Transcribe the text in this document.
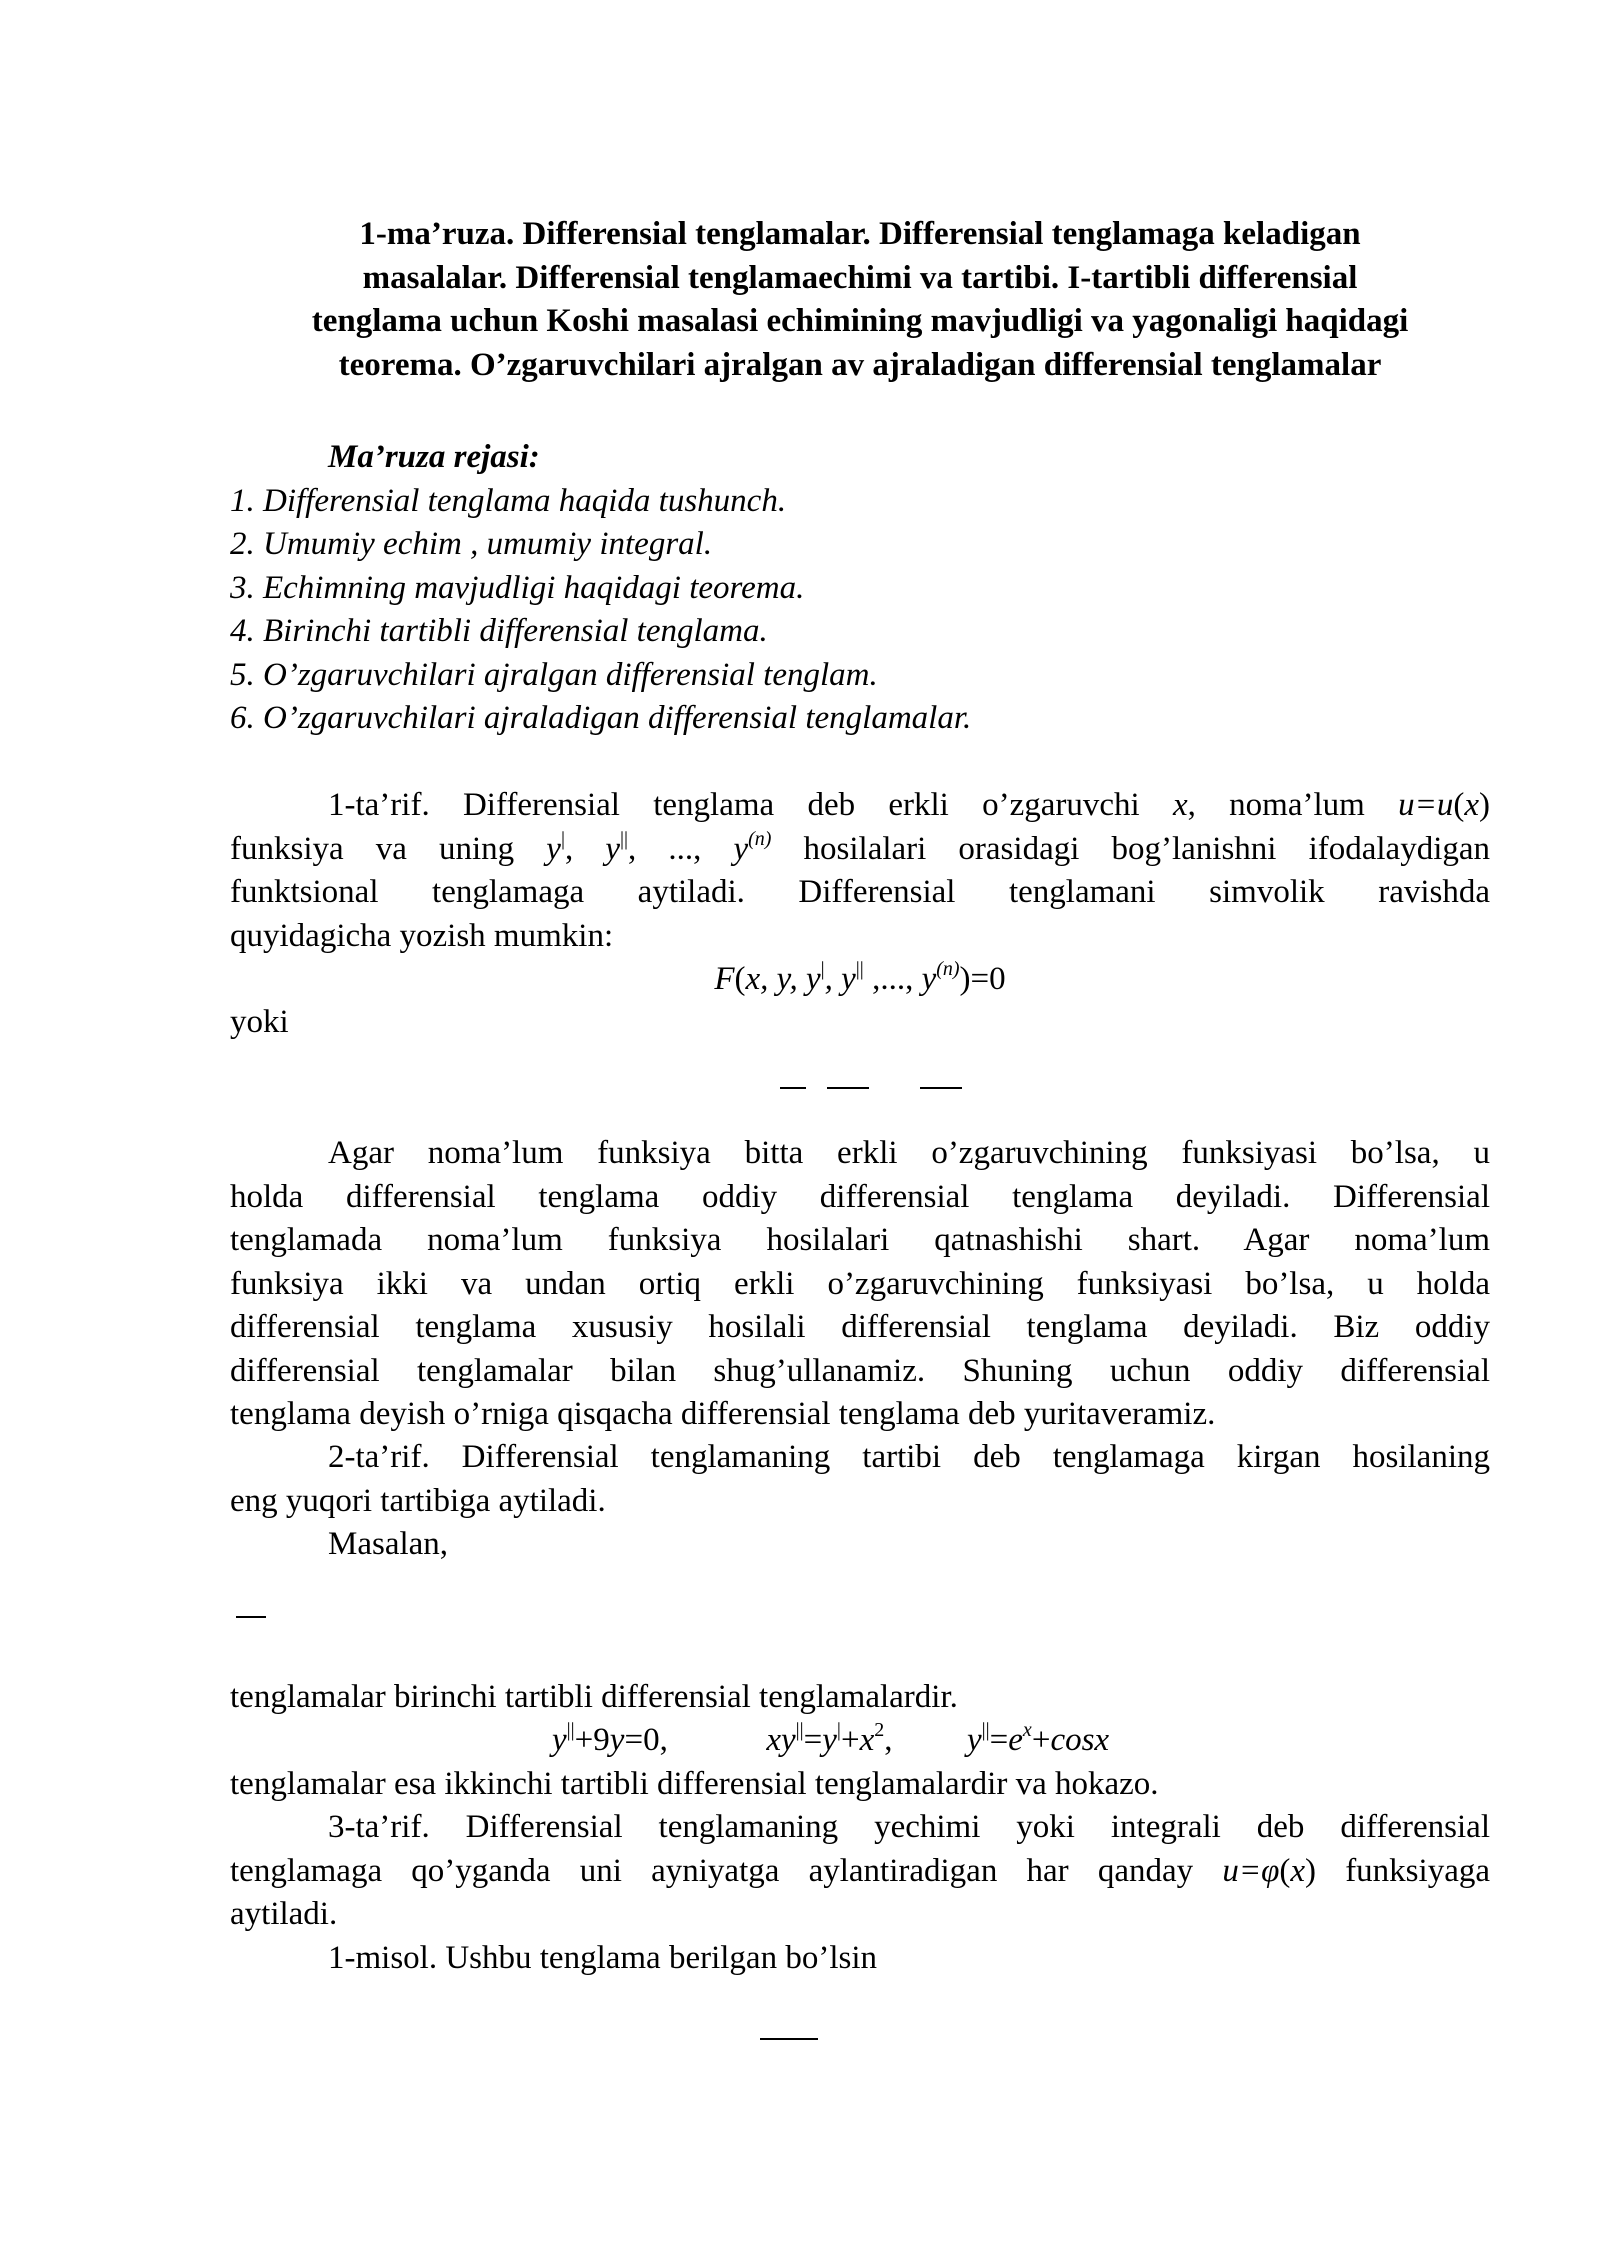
1-ma’ruza. Differensial tenglamalar. Differensial tenglamaga keladigan
masalalar. Differensial tenglamaechimi va tartibi. I-tartibli differensial
tenglama uchun Koshi masalasi echimining mavjudligi va yagonaligi haqidagi
teorema. O’zgaruvchilari ajralgan av ajraladigan differensial tenglamalar
Ma’ruza rejasi:
1. Differensial tenglama haqida tushunch.
2. Umumiy echim , umumiy integral.
3. Echimning mavjudligi haqidagi teorema.
4. Birinchi tartibli differensial tenglama.
5. O’zgaruvchilari ajralgan differensial tenglam.
6. O’zgaruvchilari ajraladigan differensial tenglamalar.
1-ta’rif. Differensial tenglama deb erkli o’zgaruvchi x, noma’lum u=u(x)
funksiya va uning y|, y||, ..., $y^{(n)}$ hosilalari orasidagi bog’lanishni ifodalaydigan
funktsional tenglamaga aytiladi. Differensial tenglamani simvolik ravishda
quyidagicha yozish mumkin:
F(x, y, y|, y|| ,..., $y^{(n)})=0$
yoki
Agar noma’lum funksiya bitta erkli o’zgaruvchining funksiyasi bo’lsa, u
holda differensial tenglama oddiy differensial tenglama deyiladi. Differensial
tenglamada noma’lum funksiya hosilalari qatnashishi shart. Agar noma’lum
funksiya ikki va undan ortiq erkli o’zgaruvchining funksiyasi bo’lsa, u holda
differensial tenglama xususiy hosilali differensial tenglama deyiladi. Biz oddiy
differensial tenglamalar bilan shug’ullanamiz. Shuning uchun oddiy differensial
tenglama deyish o’rniga qisqacha differensial tenglama deb yuritaveramiz.
2-ta’rif. Differensial tenglamaning tartibi deb tenglamaga kirgan hosilaning
eng yuqori tartibiga aytiladi.
Masalan,
tenglamalar birinchi tartibli differensial tenglamalardir.
y||+9y=0,	$xy^{||}=y^|+x^2$, $y^{||}=e^x+\cos x$
tenglamalar esa ikkinchi tartibli differensial tenglamalardir va hokazo.
3-ta’rif. Differensial tenglamaning yechimi yoki integrali deb differensial
tenglamaga qo’yganda uni ayniyatga aylantiradigan har qanday u=φ(x) funksiyaga
aytiladi.
1-misol. Ushbu tenglama berilgan bo’lsin
